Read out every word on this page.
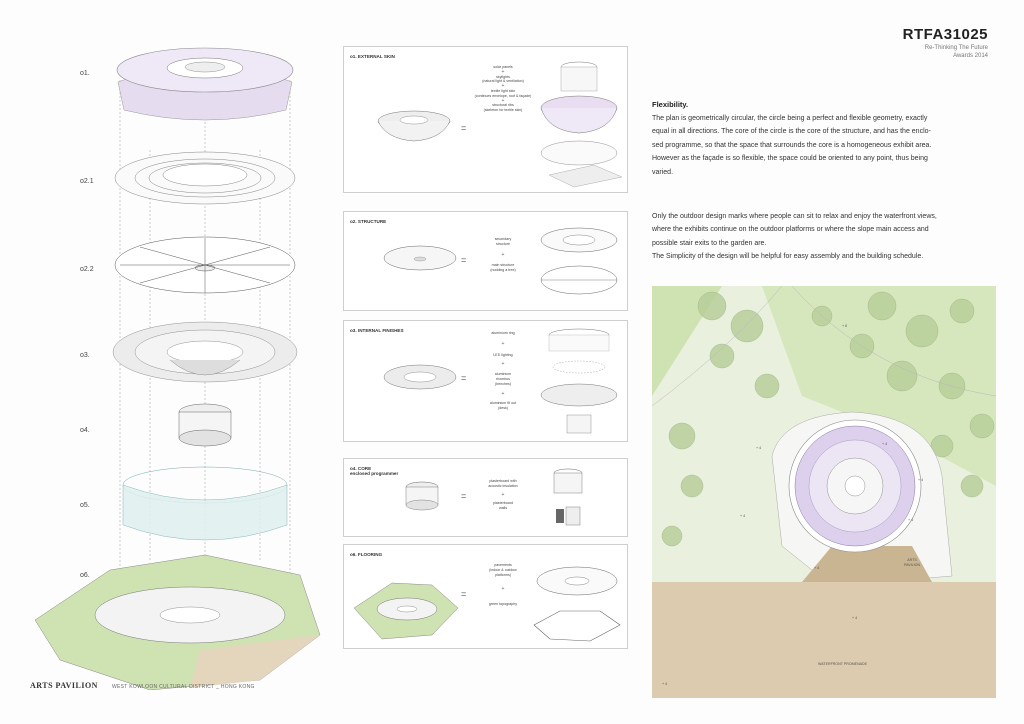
RTFA31025
Re-Thinking The Future
Awards 2014
o1.
o2.1
o2.2
o3.
o4.
o5.
o6.
o1. EXTERNAL SKIN
=
solar panels
+
skylights
(natural light & ventilation)
+
textile light skin
(continues envelope, roof & façade)
+
structural ribs
(skeleton for textile skin)
o2. STRUCTURE
=
secondary
structure
+
main structure
(nodding a tree)
o3. INTERNAL FINISHES
=
aluminium ring
+
LED lighting
+
aluminium
rhombus
(benches)
+
aluminium fit out
(desk)
o4. CORE
enclosed programmer
=
plasterboard with
acoustic insulation
+
plasterboard
walls
o6. FLOORING
=
pavements
(indoor & outdoor
platforms)
+
green topography
Flexibility.
The plan is geometrically circular, the circle being a perfect and flexible geometry, exactly
equal in all directions. The core of the circle is the core of the structure, and has the enclo-
sed programme, so that the space that surrounds the core is a homogeneous exhibit area.
However as the façade is so flexible, the space could be oriented to any point, thus being
varied.
Only the outdoor design marks where people can sit to relax and enjoy the waterfront views,
where the exhibits continue on the outdoor platforms or where the slope main access and
possible stair exits to the garden are.
The Simplicity of the design will be helpful for easy assembly and the building schedule.
+ 6
+ 4
+ 4
+ 4
+ 4
+ 4
+ 4
+ 4
+ 4
ARTS
PAVILION
WATERFRONT PROMENADE
ARTS PAVILION	WEST KOWLOON CULTURAL DISTRICT _ HONG KONG
